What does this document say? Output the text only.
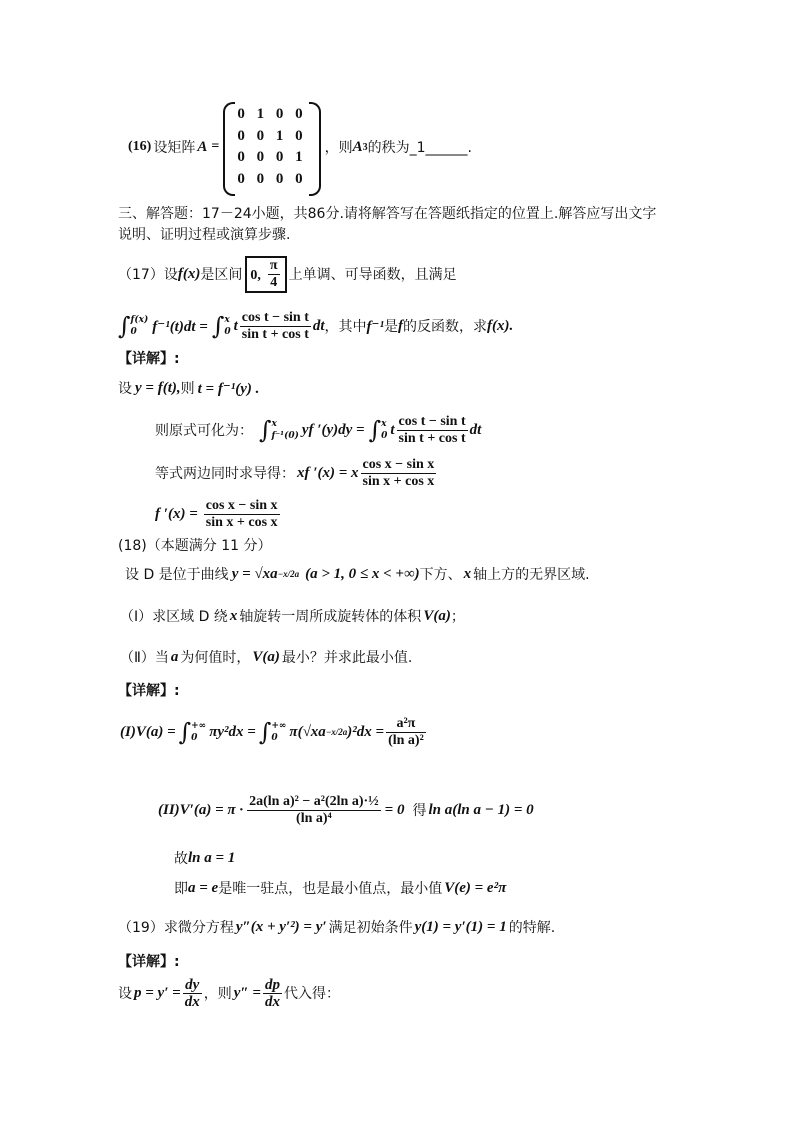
(16) 设矩阵 A =
0 1 0 0
0 0 1 0
0 0 0 1
0 0 0 0
，则 A 3 的秩为_1______.
三、解答题：17－24小题，共86分.请将解答写在答题纸指定的位置上.解答应写出文字
说明、证明过程或演算步骤.
（17）设 f(x) 是区间 0, $\frac{\pi}{4}$ 上单调、可导函数，且满足
∫ f(x)
0	f⁻¹(t)dt = ∫ x
0 t $\frac{\text{cos t − sin t}}{\text{sin t + cos t}}$ dt ，其中 f⁻¹ 是 f 的反函数，求 f(x).
【详解】:
设 y = f(t), 则 t = f⁻¹(y) .
则原式可化为： ∫ x
f⁻¹(0) yf ′(y)dy = ∫ x
0 t $\frac{\text{cos t − sin t}}{\text{sin t + cos t}}$ dt
等式两边同时求导得： xf ′(x) = x $\frac{\text{cos x − sin x}}{\text{sin x + cos x}}$
f $'(x) = \frac{\text{cos x − sin x}}{\text{sin x + cos x}}$
(18)（本题满分 11 分）
设 D 是位于曲线 y = √xa −x/2a (a > 1, 0 ≤ x < +∞) 下方、 x 轴上方的无界区域.
（Ⅰ）求区域 D 绕 x 轴旋转一周所成旋转体的体积 V(a) ；
（Ⅱ）当 a 为何值时， V(a) 最小？并求此最小值.
【详解】:
(I)V(a) = ∫ +∞
0 πy²dx = ∫ +∞
0 π(√xa −x/2a )$^2dx = \frac{\text{a²π}}{\text{(ln a)²}}$
$(II)V'(a) = \pi \cdot \frac{\text{2a(ln a)² − a²(2ln a)·½}}{\text{(ln a)⁴}} = 0$ 得 ln a(ln a − 1) = 0
故 ln a = 1
即 a = e 是唯一驻点，也是最小值点，最小值 V(e) = e²π
（19）求微分方程 y″(x + y′²) = y′ 满足初始条件 y(1) = y′(1) = 1 的特解.
【详解】:
设 $p = y' = \frac{dy}{dx}$ ，则 $y'' = \frac{dp}{dx}$ 代入得：
